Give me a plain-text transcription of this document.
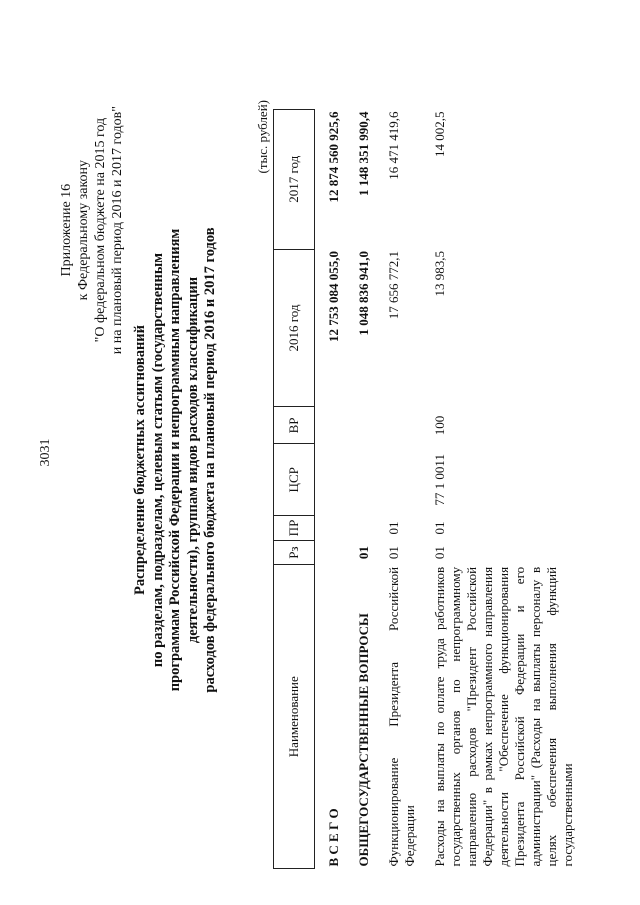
3031
Приложение 16 к Федеральному закону "О федеральном бюджете на 2015 год и на плановый период 2016 и 2017 годов"
Распределение бюджетных ассигнований по разделам, подразделам, целевым статьям (государственным программам Российской Федерации и непрограммным направлениям деятельности), группам видов расходов классификации расходов федерального бюджета на плановый период 2016 и 2017 годов
(тыс. рублей)
Наименование	Рз	ПР	ЦСР	ВР	2016 год	2017 год

В С Е Г О					12 753 084 055,0	12 874 560 925,6

ОБЩЕГОСУДАРСТВЕННЫЕ ВОПРОСЫ	01				1 048 836 941,0	1 148 351 990,4

Функционирование Президента Российской Федерации	01	01			17 656 772,1	16 471 419,6

Расходы на выплаты по оплате труда работников государственных органов по непрограммному направлению расходов "Президент Российской Федерации" в рамках непрограммного направления деятельности "Обеспечение функционирования Президента Российской Федерации и его администрации" (Расходы на выплаты персоналу в целях обеспечения выполнения функций государственными	01	01	77 1 0011	100	13 983,5	14 002,5
